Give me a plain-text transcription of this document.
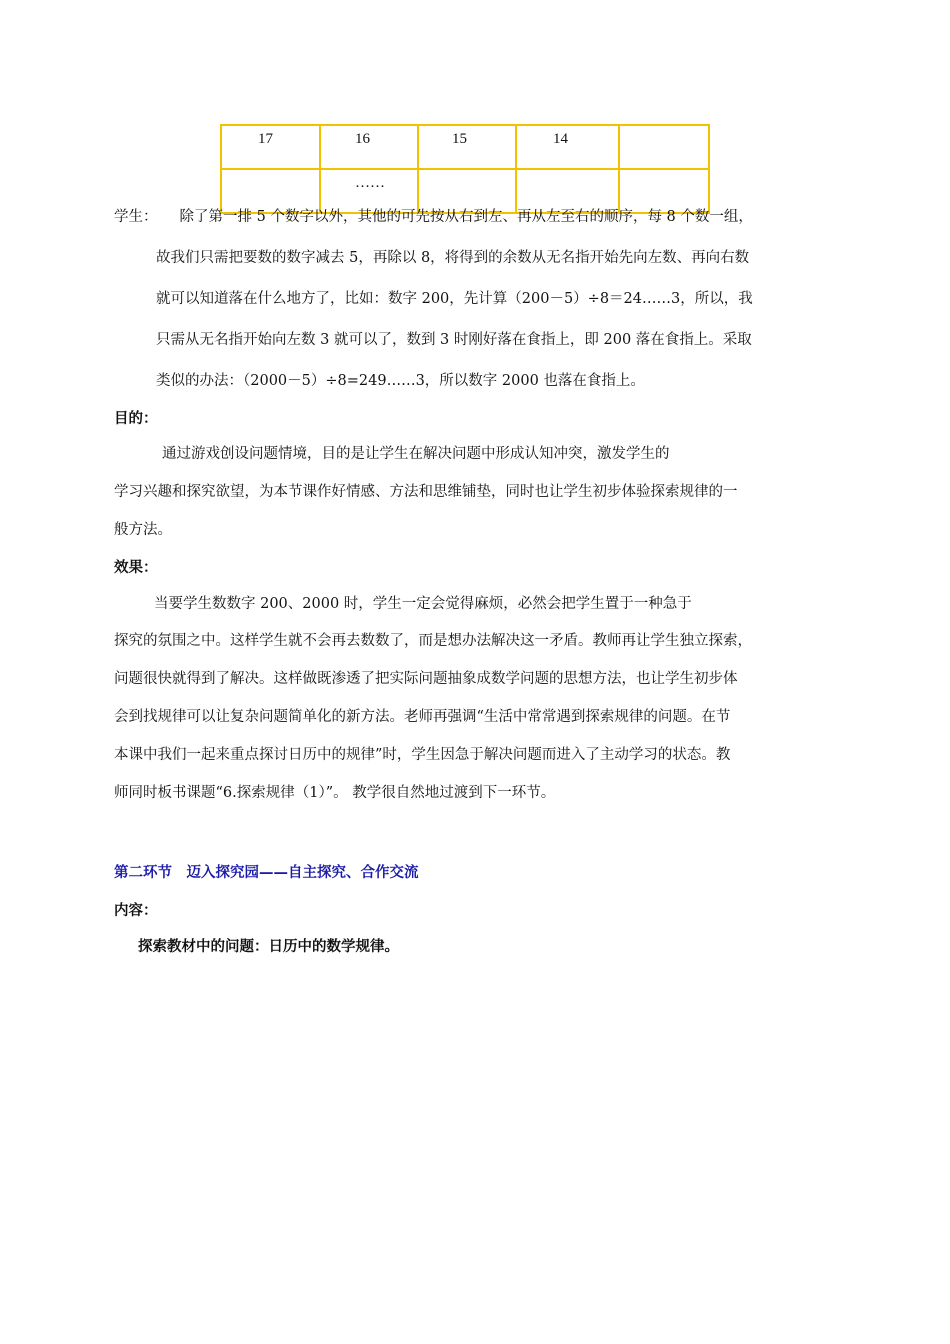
17	16	15	14	
	……			
学生： 除了第一排 5 个数字以外，其他的可先按从右到左、再从左至右的顺序，每 8 个数一组，
故我们只需把要数的数字减去 5，再除以 8，将得到的余数从无名指开始先向左数、再向右数
就可以知道落在什么地方了，比如：数字 200，先计算（200－5）÷8＝24……3，所以，我
只需从无名指开始向左数 3 就可以了，数到 3 时刚好落在食指上，即 200 落在食指上。采取
类似的办法：（2000－5）÷8=249……3，所以数字 2000 也落在食指上。
目的：
通过游戏创设问题情境，目的是让学生在解决问题中形成认知冲突，激发学生的
学习兴趣和探究欲望，为本节课作好情感、方法和思维铺垫，同时也让学生初步体验探索规律的一
般方法。
效果：
当要学生数数字 200、2000 时，学生一定会觉得麻烦，必然会把学生置于一种急于
探究的氛围之中。这样学生就不会再去数数了，而是想办法解决这一矛盾。教师再让学生独立探索，
问题很快就得到了解决。这样做既渗透了把实际问题抽象成数学问题的思想方法，也让学生初步体
会到找规律可以让复杂问题简单化的新方法。老师再强调“生活中常常遇到探索规律的问题。在节
本课中我们一起来重点探讨日历中的规律”时，学生因急于解决问题而进入了主动学习的状态。教
师同时板书课题“6.探索规律（1）”。 教学很自然地过渡到下一环节。
第二环节　迈入探究园——自主探究、合作交流
内容：
探索教材中的问题：日历中的数学规律。
